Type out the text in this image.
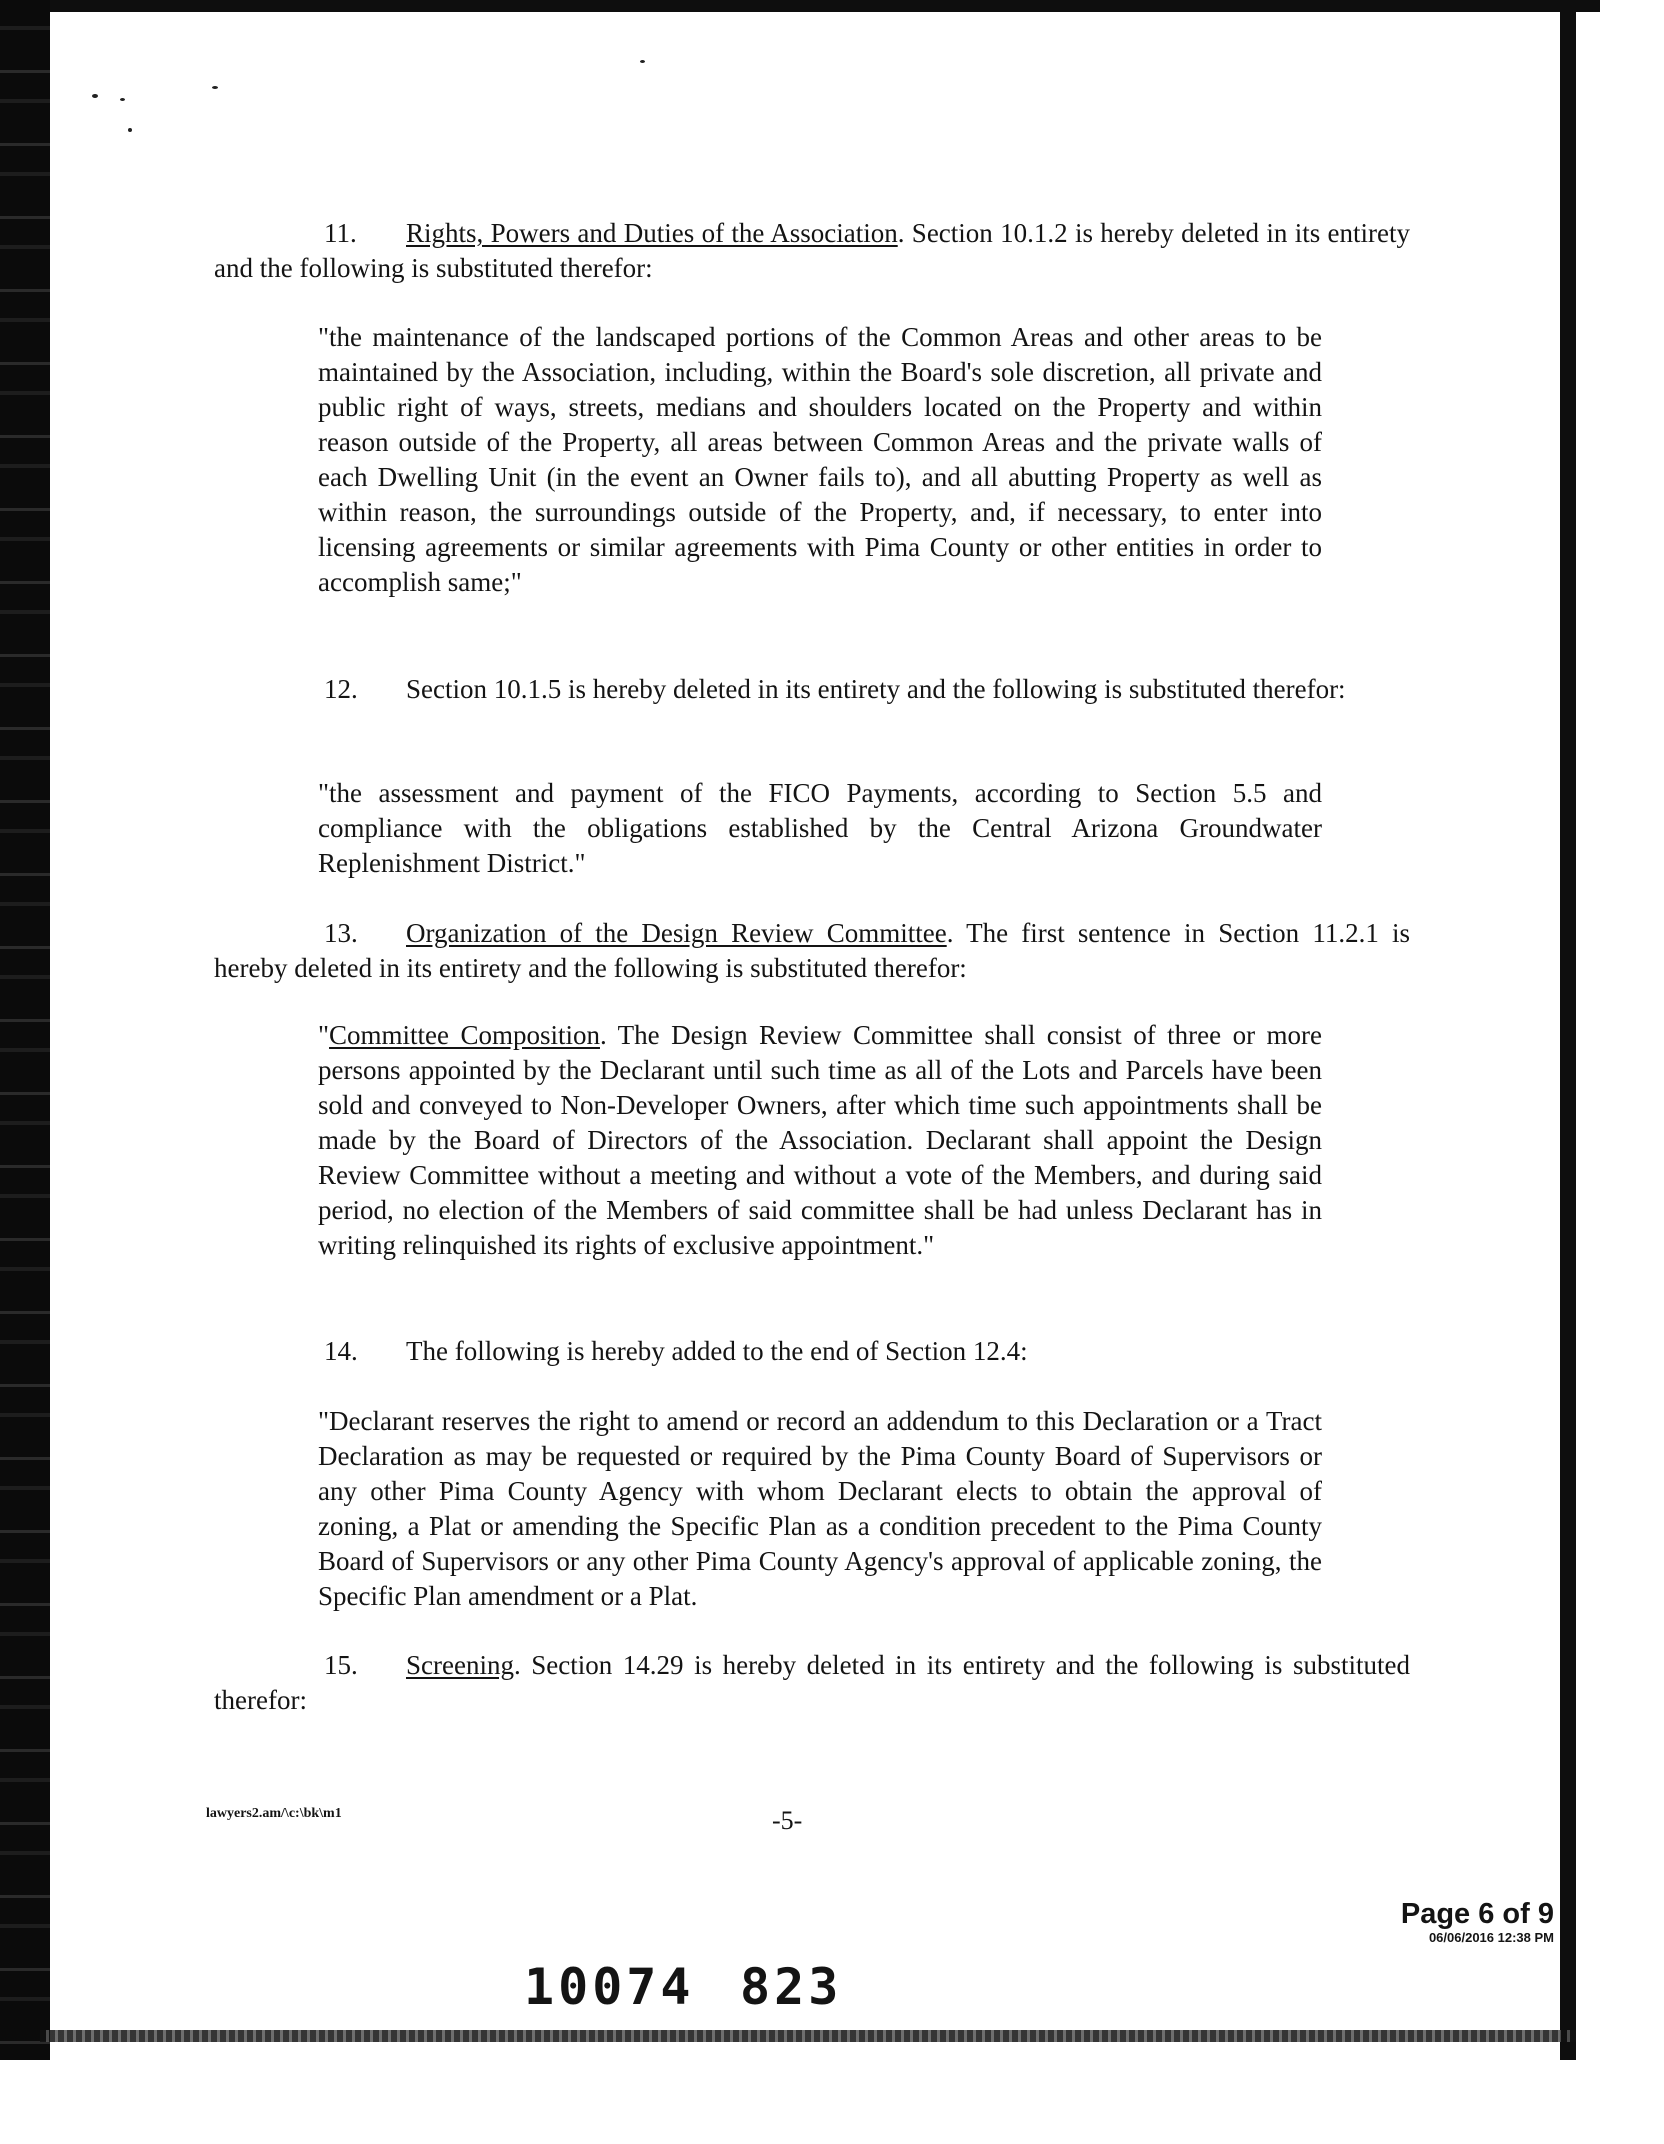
11. Rights, Powers and Duties of the Association. Section 10.1.2 is hereby deleted in its entirety and the following is substituted therefor:

"the maintenance of the landscaped portions of the Common Areas and other areas to be maintained by the Association, including, within the Board's sole discretion, all private and public right of ways, streets, medians and shoulders located on the Property and within reason outside of the Property, all areas between Common Areas and the private walls of each Dwelling Unit (in the event an Owner fails to), and all abutting Property as well as within reason, the surroundings outside of the Property, and, if necessary, to enter into licensing agreements or similar agreements with Pima County or other entities in order to accomplish same;"

12. Section 10.1.5 is hereby deleted in its entirety and the following is substituted therefor:

"the assessment and payment of the FICO Payments, according to Section 5.5 and compliance with the obligations established by the Central Arizona Groundwater Replenishment District."

13. Organization of the Design Review Committee. The first sentence in Section 11.2.1 is hereby deleted in its entirety and the following is substituted therefor:

"Committee Composition. The Design Review Committee shall consist of three or more persons appointed by the Declarant until such time as all of the Lots and Parcels have been sold and conveyed to Non-Developer Owners, after which time such appointments shall be made by the Board of Directors of the Association. Declarant shall appoint the Design Review Committee without a meeting and without a vote of the Members, and during said period, no election of the Members of said committee shall be had unless Declarant has in writing relinquished its rights of exclusive appointment."

14. The following is hereby added to the end of Section 12.4:

"Declarant reserves the right to amend or record an addendum to this Declaration or a Tract Declaration as may be requested or required by the Pima County Board of Supervisors or any other Pima County Agency with whom Declarant elects to obtain the approval of zoning, a Plat or amending the Specific Plan as a condition precedent to the Pima County Board of Supervisors or any other Pima County Agency's approval of applicable zoning, the Specific Plan amendment or a Plat.

15. Screening. Section 14.29 is hereby deleted in its entirety and the following is substituted therefor:

lawyers2.am/\c:\bk\m1	-5-
Page 6 of 9
06/06/2016 12:38 PM
10074 823
